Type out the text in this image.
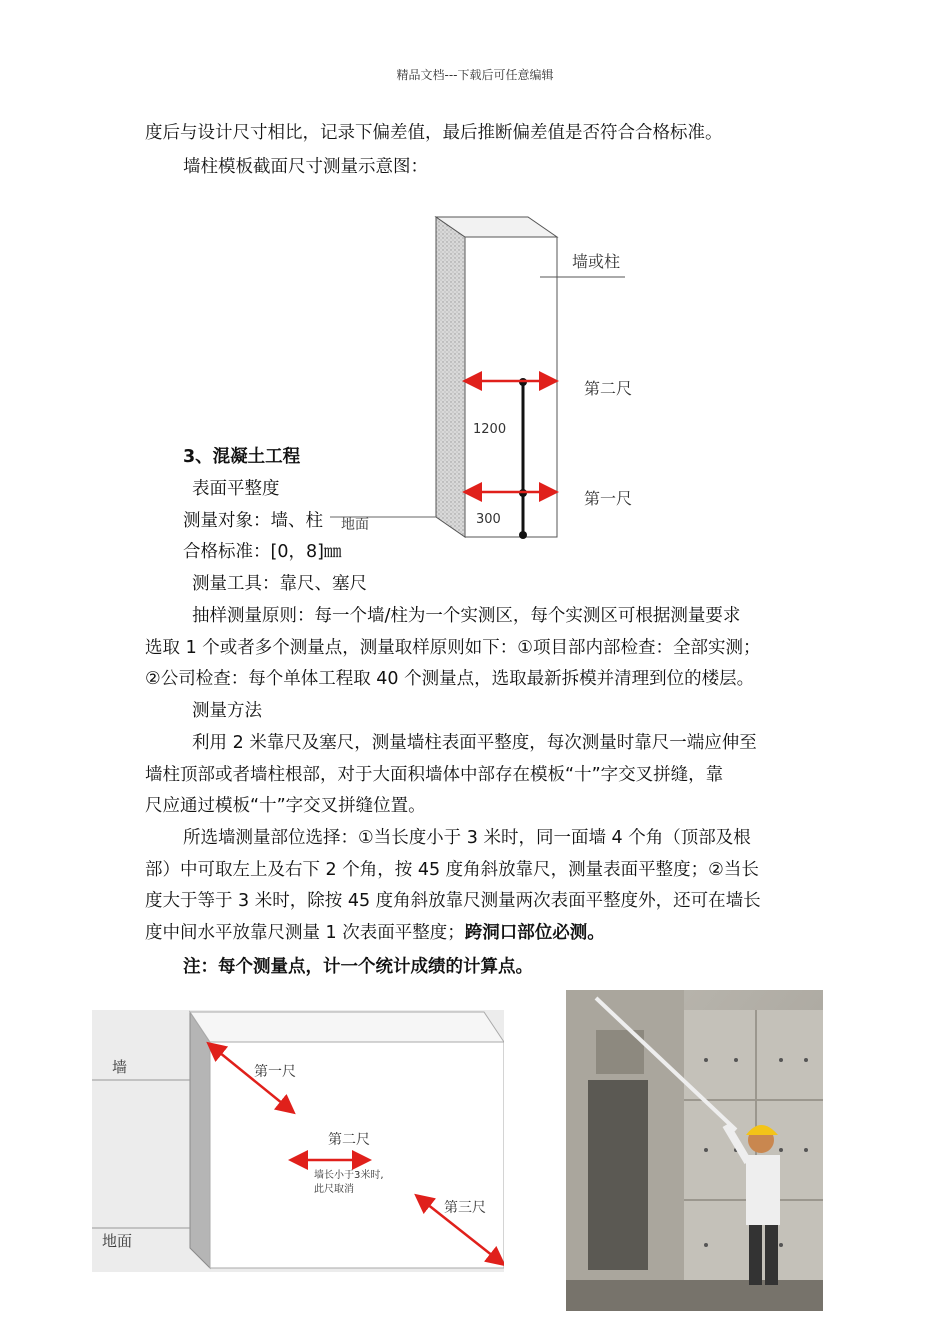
精品文档---下载后可任意编辑
度后与设计尺寸相比，记录下偏差值，最后推断偏差值是否符合合格标准。
墙柱模板截面尺寸测量示意图：
墙或柱
第二尺
第一尺
1200
300
地面
3、混凝土工程
表面平整度
测量对象：墙、柱
合格标准：[0，8]㎜
测量工具：靠尺、塞尺
抽样测量原则：每一个墙/柱为一个实测区，每个实测区可根据测量要求
选取 1 个或者多个测量点，测量取样原则如下：①项目部内部检查：全部实测；
②公司检查：每个单体工程取 40 个测量点，选取最新拆模并清理到位的楼层。
测量方法
利用 2 米靠尺及塞尺，测量墙柱表面平整度，每次测量时靠尺一端应伸至
墙柱顶部或者墙柱根部，对于大面积墙体中部存在模板“十”字交叉拼缝，靠
尺应通过模板“十”字交叉拼缝位置。
所选墙测量部位选择：①当长度小于 3 米时，同一面墙 4 个角（顶部及根
部）中可取左上及右下 2 个角，按 45 度角斜放靠尺，测量表面平整度；②当长
度大于等于 3 米时，除按 45 度角斜放靠尺测量两次表面平整度外，还可在墙长
度中间水平放靠尺测量 1 次表面平整度；跨洞口部位必测。
注：每个测量点，计一个统计成绩的计算点。
墙
地面
第一尺
第二尺
墙长小于3米时,
此尺取消
第三尺
